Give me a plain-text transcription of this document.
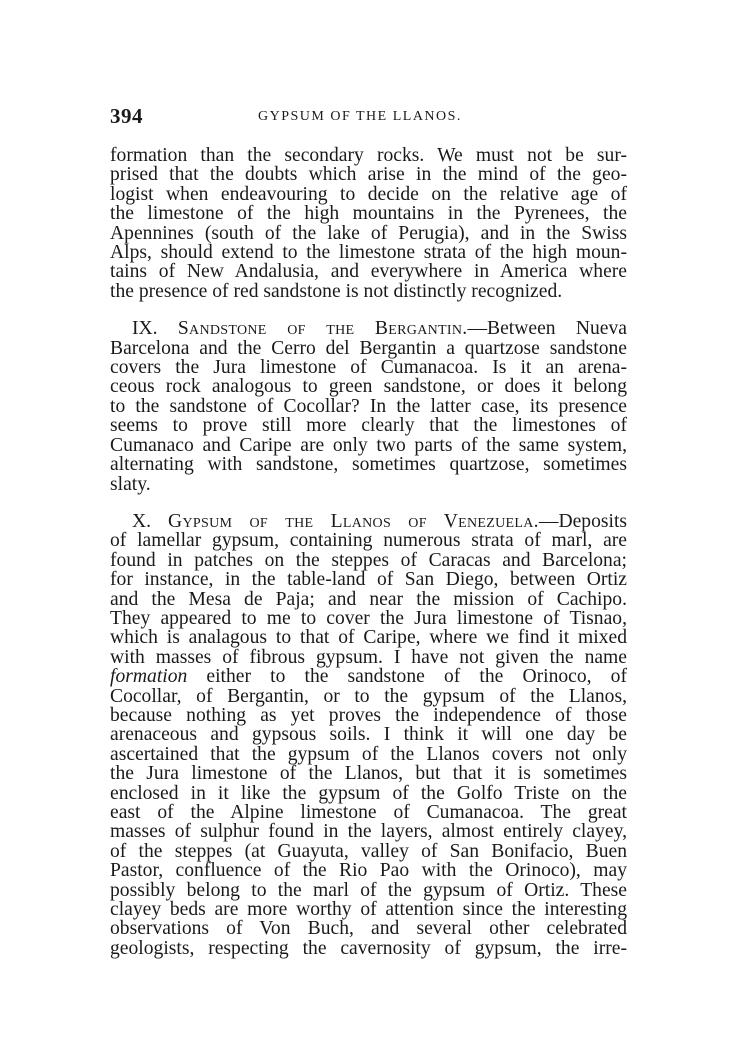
394	GYPSUM OF THE LLANOS.
formation than the secondary rocks. We must not be sur-
prised that the doubts which arise in the mind of the geo-
logist when endeavouring to decide on the relative age of
the limestone of the high mountains in the Pyrenees, the
Apennines (south of the lake of Perugia), and in the Swiss
Alps, should extend to the limestone strata of the high moun-
tains of New Andalusia, and everywhere in America where
the presence of red sandstone is not distinctly recognized.
IX. Sandstone of the Bergantin.—Between Nueva
Barcelona and the Cerro del Bergantin a quartzose sandstone
covers the Jura limestone of Cumanacoa. Is it an arena-
ceous rock analogous to green sandstone, or does it belong
to the sandstone of Cocollar? In the latter case, its presence
seems to prove still more clearly that the limestones of
Cumanaco and Caripe are only two parts of the same system,
alternating with sandstone, sometimes quartzose, sometimes
slaty.
X. Gypsum of the Llanos of Venezuela.—Deposits
of lamellar gypsum, containing numerous strata of marl, are
found in patches on the steppes of Caracas and Barcelona;
for instance, in the table-land of San Diego, between Ortiz
and the Mesa de Paja; and near the mission of Cachipo.
They appeared to me to cover the Jura limestone of Tisnao,
which is analagous to that of Caripe, where we find it mixed
with masses of fibrous gypsum. I have not given the name
formation either to the sandstone of the Orinoco, of
Cocollar, of Bergantin, or to the gypsum of the Llanos,
because nothing as yet proves the independence of those
arenaceous and gypsous soils. I think it will one day be
ascertained that the gypsum of the Llanos covers not only
the Jura limestone of the Llanos, but that it is sometimes
enclosed in it like the gypsum of the Golfo Triste on the
east of the Alpine limestone of Cumanacoa. The great
masses of sulphur found in the layers, almost entirely clayey,
of the steppes (at Guayuta, valley of San Bonifacio, Buen
Pastor, confluence of the Rio Pao with the Orinoco), may
possibly belong to the marl of the gypsum of Ortiz. These
clayey beds are more worthy of attention since the interesting
observations of Von Buch, and several other celebrated
geologists, respecting the cavernosity of gypsum, the irre-
